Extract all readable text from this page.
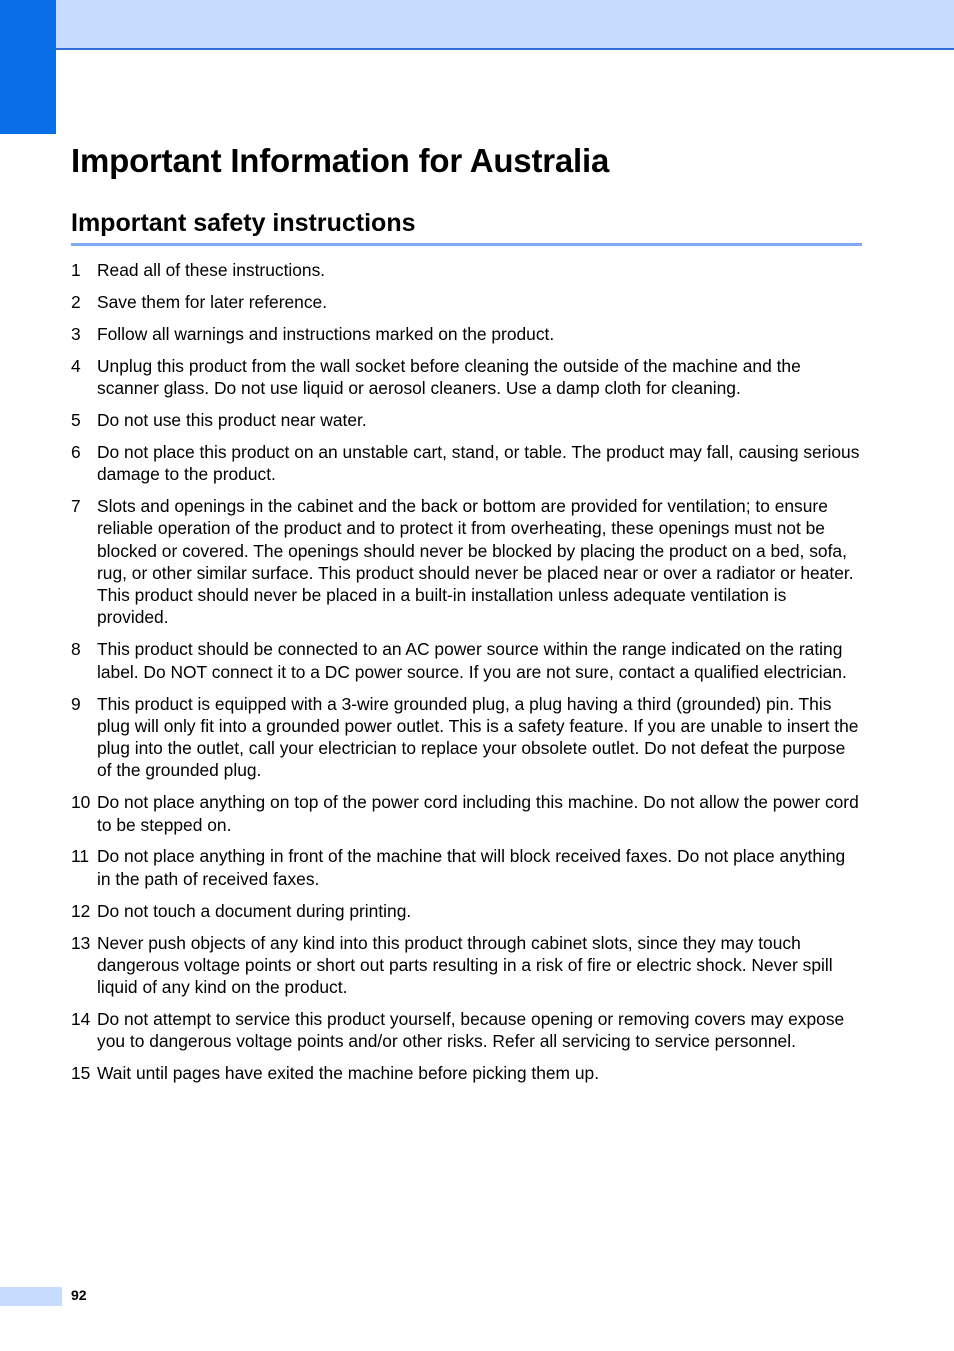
Important Information for Australia
Important safety instructions
1 Read all of these instructions.
2 Save them for later reference.
3 Follow all warnings and instructions marked on the product.
4 Unplug this product from the wall socket before cleaning the outside of the machine and the scanner glass. Do not use liquid or aerosol cleaners. Use a damp cloth for cleaning.
5 Do not use this product near water.
6 Do not place this product on an unstable cart, stand, or table. The product may fall, causing serious damage to the product.
7 Slots and openings in the cabinet and the back or bottom are provided for ventilation; to ensure reliable operation of the product and to protect it from overheating, these openings must not be blocked or covered. The openings should never be blocked by placing the product on a bed, sofa, rug, or other similar surface. This product should never be placed near or over a radiator or heater. This product should never be placed in a built-in installation unless adequate ventilation is provided.
8 This product should be connected to an AC power source within the range indicated on the rating label. Do NOT connect it to a DC power source. If you are not sure, contact a qualified electrician.
9 This product is equipped with a 3-wire grounded plug, a plug having a third (grounded) pin. This plug will only fit into a grounded power outlet. This is a safety feature. If you are unable to insert the plug into the outlet, call your electrician to replace your obsolete outlet. Do not defeat the purpose of the grounded plug.
10 Do not place anything on top of the power cord including this machine. Do not allow the power cord to be stepped on.
11 Do not place anything in front of the machine that will block received faxes. Do not place anything in the path of received faxes.
12 Do not touch a document during printing.
13 Never push objects of any kind into this product through cabinet slots, since they may touch dangerous voltage points or short out parts resulting in a risk of fire or electric shock. Never spill liquid of any kind on the product.
14 Do not attempt to service this product yourself, because opening or removing covers may expose you to dangerous voltage points and/or other risks. Refer all servicing to service personnel.
15 Wait until pages have exited the machine before picking them up.
92
